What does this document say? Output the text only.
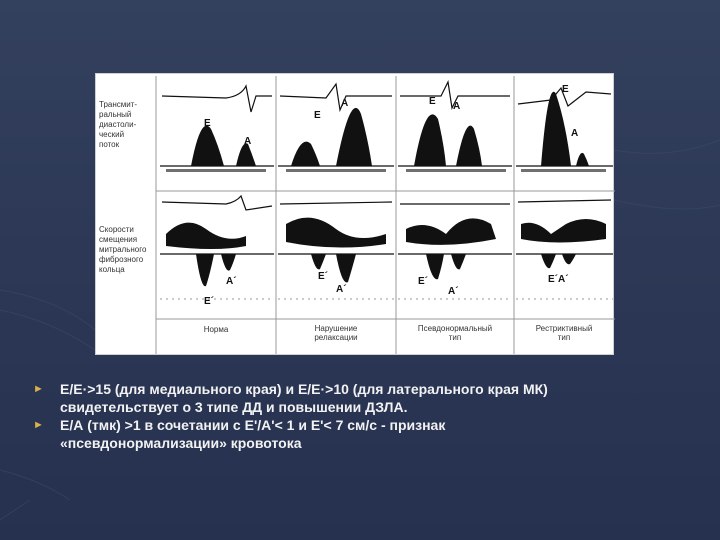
Трансмит-
ральный
диастоли-
ческий
поток
Скорости
смещения
митрального
фиброзного
кольца
E
A
A
E
E A
E
A
A´
E´
E´
A´
E´
A´
E´A´
Норма	Нарушение
релаксации
Псевдонормальный
тип
Рестриктивный
тип
► Е/Е·>15 (для медиального края) и Е/Е·>10 (для латерального края МК)
свидетельствует о 3 типе ДД и повышении ДЗЛА.
► Е/А (тмк) >1 в сочетании с Е'/А'< 1 и Е'< 7 см/с - признак
«псевдонормализации» кровотока
